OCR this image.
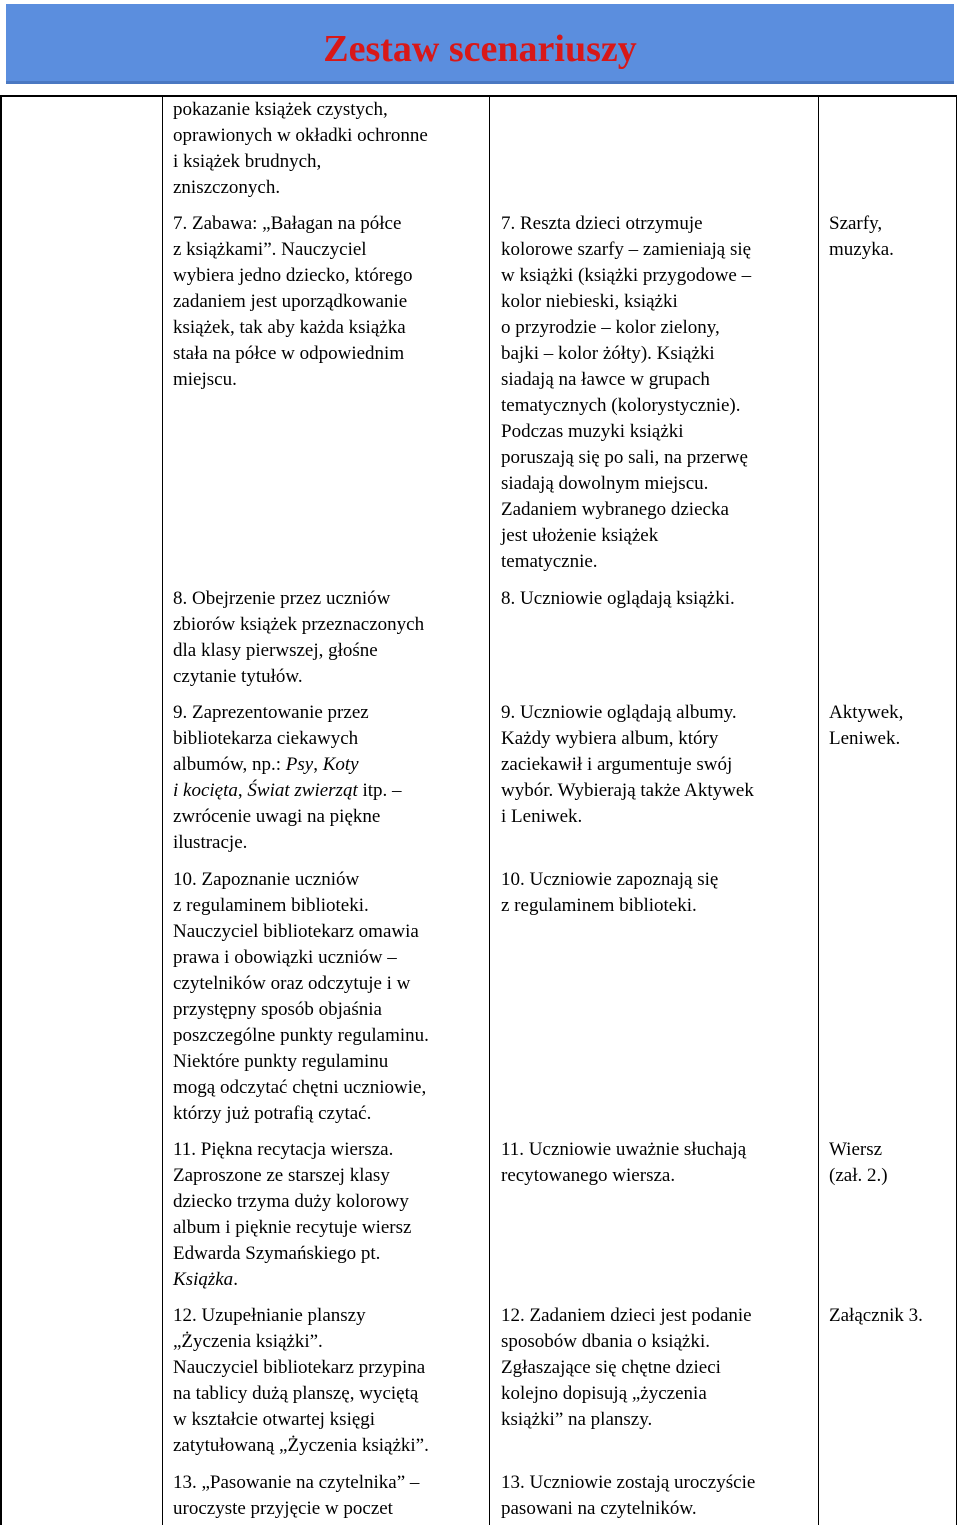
Zestaw scenariuszy
pokazanie książek czystych,
oprawionych w okładki ochronne
i książek brudnych,
zniszczonych.
7. Zabawa: „Bałagan na półce
z książkami”. Nauczyciel
wybiera jedno dziecko, którego
zadaniem jest uporządkowanie
książek, tak aby każda książka
stała na półce w odpowiednim
miejscu.
7. Reszta dzieci otrzymuje
kolorowe szarfy – zamieniają się
w książki (książki przygodowe –
kolor niebieski, książki
o przyrodzie – kolor zielony,
bajki – kolor żółty). Książki
siadają na ławce w grupach
tematycznych (kolorystycznie).
Podczas muzyki książki
poruszają się po sali, na przerwę
siadają dowolnym miejscu.
Zadaniem wybranego dziecka
jest ułożenie książek
tematycznie.
Szarfy,
muzyka.
8. Obejrzenie przez uczniów
zbiorów książek przeznaczonych
dla klasy pierwszej, głośne
czytanie tytułów.
8. Uczniowie oglądają książki.
9. Zaprezentowanie przez
bibliotekarza ciekawych
albumów, np.: Psy, Koty
i kocięta, Świat zwierząt itp. –
zwrócenie uwagi na piękne
ilustracje.
9. Uczniowie oglądają albumy.
Każdy wybiera album, który
zaciekawił i argumentuje swój
wybór. Wybierają także Aktywek
i Leniwek.
Aktywek,
Leniwek.
10. Zapoznanie uczniów
z regulaminem biblioteki.
Nauczyciel bibliotekarz omawia
prawa i obowiązki uczniów –
czytelników oraz odczytuje i w
przystępny sposób objaśnia
poszczególne punkty regulaminu.
Niektóre punkty regulaminu
mogą odczytać chętni uczniowie,
którzy już potrafią czytać.
10. Uczniowie zapoznają się
z regulaminem biblioteki.
11. Piękna recytacja wiersza.
Zaproszone ze starszej klasy
dziecko trzyma duży kolorowy
album i pięknie recytuje wiersz
Edwarda Szymańskiego pt.
Książka.
11. Uczniowie uważnie słuchają
recytowanego wiersza.
Wiersz
(zał. 2.)
12. Uzupełnianie planszy
„Życzenia książki”.
Nauczyciel bibliotekarz przypina
na tablicy dużą planszę, wyciętą
w kształcie otwartej księgi
zatytułowaną „Życzenia książki”.
12. Zadaniem dzieci jest podanie
sposobów dbania o książki.
Zgłaszające się chętne dzieci
kolejno dopisują „życzenia
książki” na planszy.
Załącznik 3.
13. „Pasowanie na czytelnika” –
uroczyste przyjęcie w poczet
13. Uczniowie zostają uroczyście
pasowani na czytelników.
